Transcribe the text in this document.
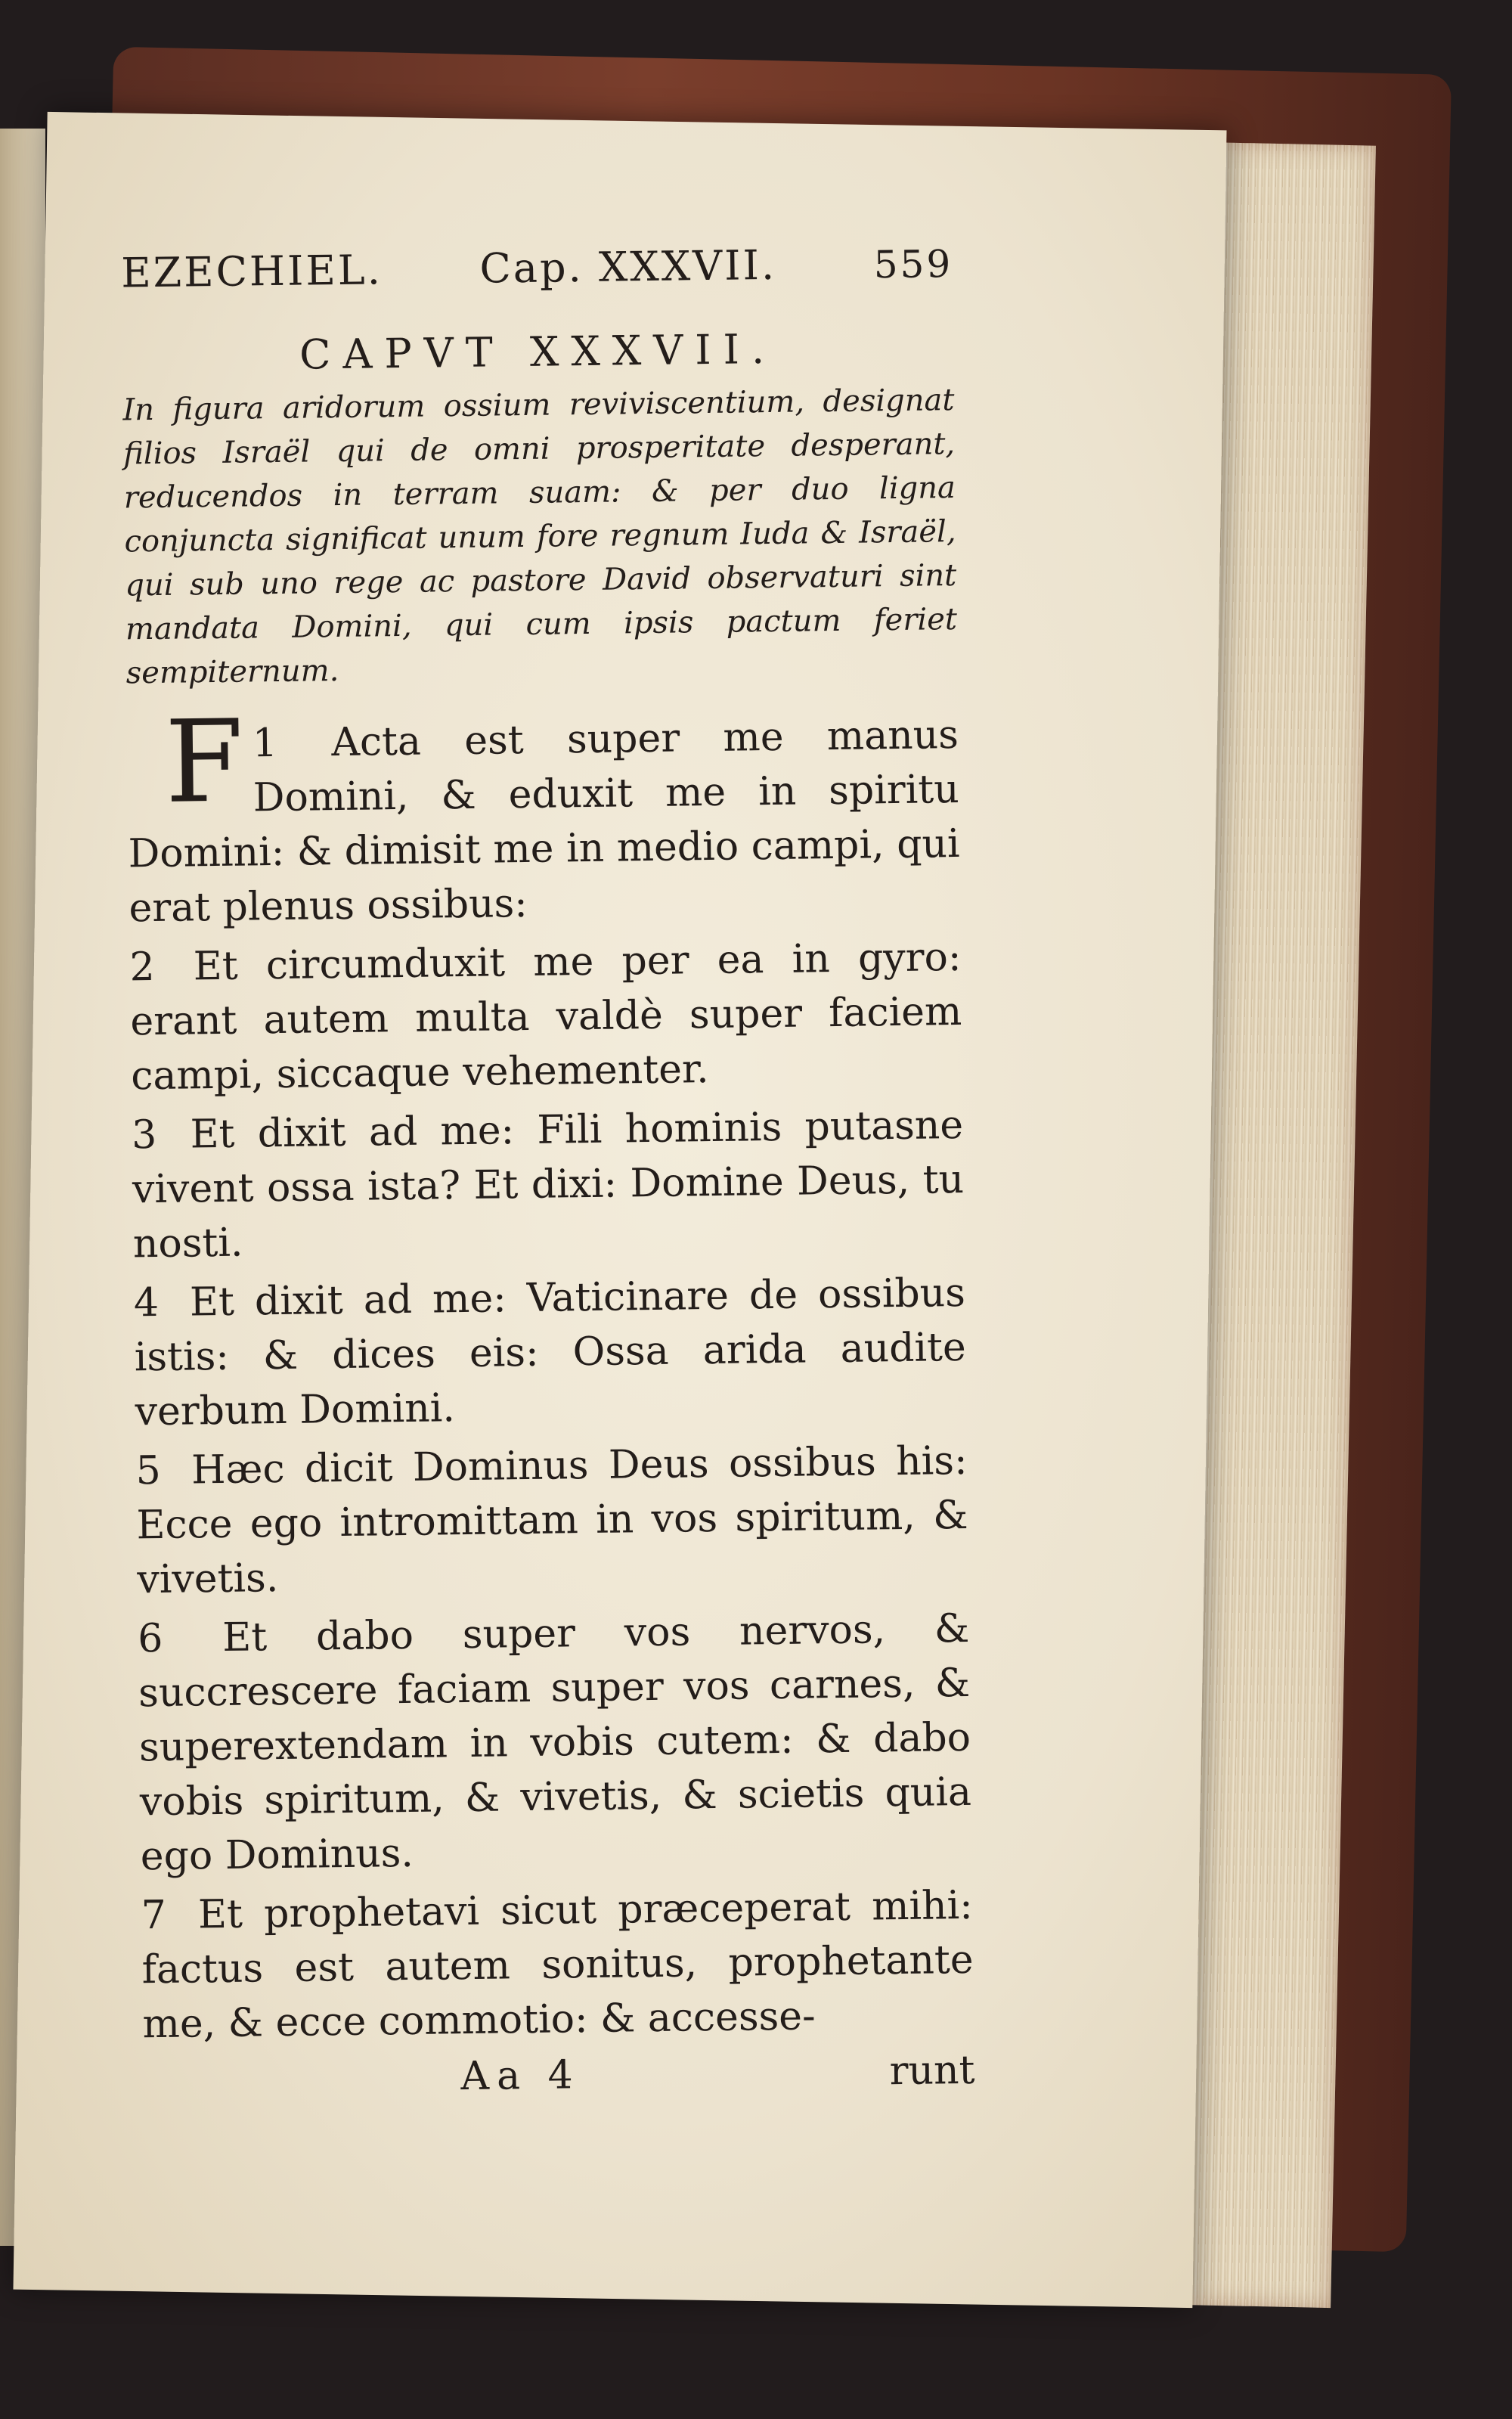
EZECHIEL. Cap. XXXVII.	559
CAPVT XXXVII.
In figura aridorum ossium reviviscentium, designat filios Israël qui de omni prosperitate desperant, reducendos in terram suam: & per duo ligna conjuncta significat unum fore regnum Iuda & Israël, qui sub uno rege ac pastore David observaturi sint mandata Domini, qui cum ipsis pactum feriet sempiternum.
1
F Acta est super me manus Domini, & eduxit me in spiritu Domini: & dimisit me in medio campi, qui erat plenus ossibus:
2 Et circumduxit me per ea in gyro: erant autem multa valdè super faciem campi, siccaque vehementer.
3 Et dixit ad me: Fili hominis putasne vivent ossa ista? Et dixi: Domine Deus, tu nosti.
4 Et dixit ad me: Vaticinare de ossibus istis: & dices eis: Ossa arida audite verbum Domini.
5 Hæc dicit Dominus Deus ossibus his: Ecce ego intromittam in vos spiritum, & vivetis.
6 Et dabo super vos nervos, & succrescere faciam super vos carnes, & superextendam in vobis cutem: & dabo vobis spiritum, & vivetis, & scietis quia ego Dominus.
7 Et prophetavi sicut præceperat mihi: factus est autem sonitus, prophetante me, & ecce commotio: & accesse-
Aa 4	runt
